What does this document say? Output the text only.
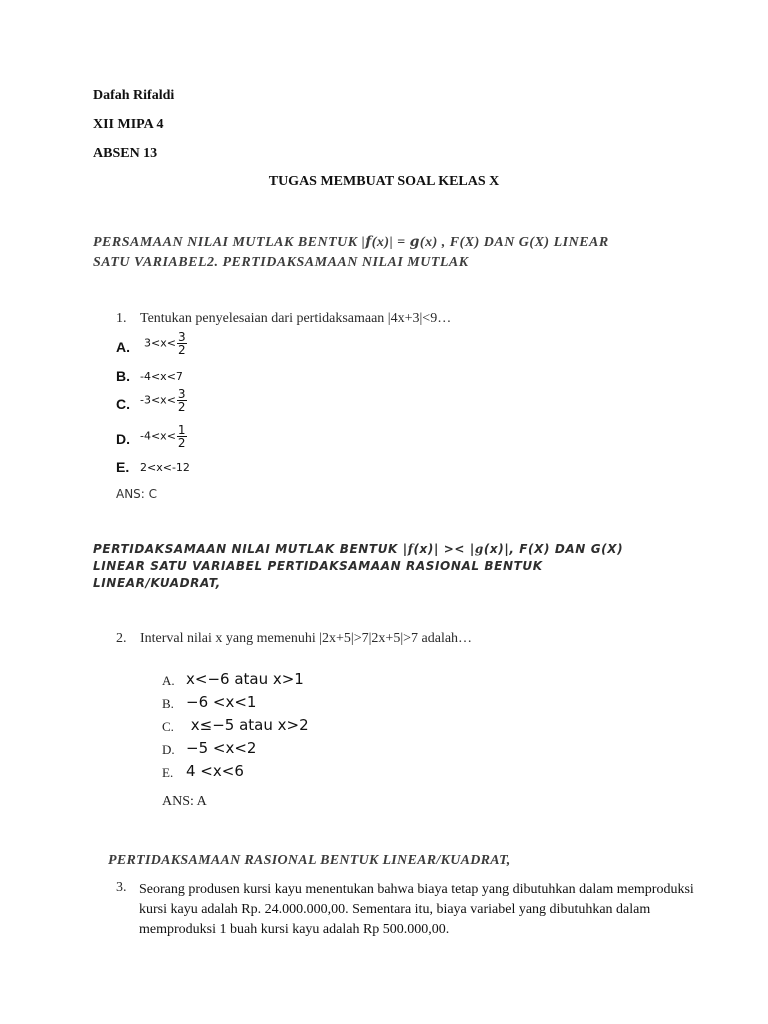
Dafah Rifaldi
XII MIPA 4
ABSEN 13
TUGAS MEMBUAT SOAL KELAS X
PERSAMAAN NILAI MUTLAK BENTUK |f(x)| = g(x) , F(X) DAN G(X) LINEAR
SATU VARIABEL2. PERTIDAKSAMAAN NILAI MUTLAK
1. Tentukan penyelesaian dari pertidaksamaan |4x+3|<9…
A. $3<x< \frac{3}{2}$
B. -4<x<7
C. $-3<x< \frac{3}{2}$
D. $-4<x< \frac{1}{2}$
E. 2<x<-12
ANS: C
PERTIDAKSAMAAN NILAI MUTLAK BENTUK |f(x)| >< |g(x)|, F(X) DAN G(X)
LINEAR SATU VARIABEL PERTIDAKSAMAAN RASIONAL BENTUK
LINEAR/KUADRAT,
2. Interval nilai x yang memenuhi |2x+5|>7|2x+5|>7 adalah…
A. x<−6 atau x>1
B. −6 <x<1
C. x≤−5 atau x>2
D. −5 <x<2
E. 4 <x<6
ANS: A
PERTIDAKSAMAAN RASIONAL BENTUK LINEAR/KUADRAT,
3. Seorang produsen kursi kayu menentukan bahwa biaya tetap yang dibutuhkan dalam memproduksi kursi kayu adalah Rp. 24.000.000,00. Sementara itu, biaya variabel yang dibutuhkan dalam memproduksi 1 buah kursi kayu adalah Rp 500.000,00.
